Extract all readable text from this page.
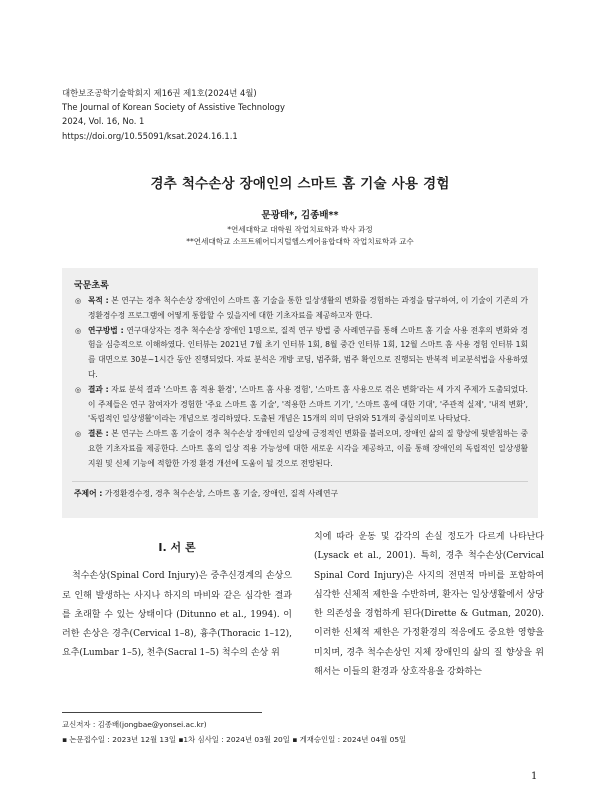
대한보조공학기술학회지 제16권 제1호(2024년 4월)
The Journal of Korean Society of Assistive Technology
2024, Vol. 16, No. 1
https://doi.org/10.55091/ksat.2024.16.1.1
경추 척수손상 장애인의 스마트 홈 기술 사용 경험
문광태*, 김종배**
*연세대학교 대학원 작업치료학과 박사 과정
**연세대학교 소프트웨어디지털헬스케어융합대학 작업치료학과 교수
국문초록
◎ 목적 : 본 연구는 경추 척수손상 장애인이 스마트 홈 기술을 통한 일상생활의 변화를 경험하는 과정을 탐구하여, 이 기술이 기존의 가정환경수정 프로그램에 어떻게 통합할 수 있을지에 대한 기초자료를 제공하고자 한다.
◎ 연구방법 : 연구대상자는 경추 척수손상 장애인 1명으로, 질적 연구 방법 중 사례연구를 통해 스마트 홈 기술 사용 전후의 변화와 경험을 심층적으로 이해하였다. 인터뷰는 2021년 7월 초기 인터뷰 1회, 8월 중간 인터뷰 1회, 12월 스마트 홈 사용 경험 인터뷰 1회를 대면으로 30분~1시간 동안 진행되었다. 자료 분석은 개방 코딩, 범주화, 범주 확인으로 진행되는 반복적 비교분석법을 사용하였다.
◎ 결과 : 자료 분석 결과 '스마트 홈 적용 환경', '스마트 홈 사용 경험', '스마트 홈 사용으로 겪은 변화'라는 세 가지 주제가 도출되었다. 이 주제들은 연구 참여자가 경험한 '주요 스마트 홈 기술', '적용한 스마트 기기', '스마트 홈에 대한 기대', '주관적 실제', '내적 변화', '독립적인 일상생활'이라는 개념으로 정리하였다. 도출된 개념은 15개의 의미 단위와 51개의 중심의미로 나타났다.
◎ 결론 : 본 연구는 스마트 홈 기술이 경추 척수손상 장애인의 일상에 긍정적인 변화를 불러오며, 장애인 삶의 질 향상에 뒷받침하는 중요한 기초자료를 제공한다. 스마트 홈의 일상 적용 가능성에 대한 새로운 시각을 제공하고, 이를 통해 장애인의 독립적인 일상생활 지원 및 신체 기능에 적합한 가정 환경 개선에 도움이 될 것으로 전망된다.
주제어 : 가정환경수정, 경추 척수손상, 스마트 홈 기술, 장애인, 질적 사례연구
Ⅰ. 서 론

척수손상(Spinal Cord Injury)은 중추신경계의 손상으로 인해 발생하는 사지나 하지의 마비와 같은 심각한 결과를 초래할 수 있는 상태이다 (Ditunno et al., 1994). 이러한 손상은 경추(Cervical 1–8), 흉추(Thoracic 1–12), 요추(Lumbar 1–5), 천추(Sacral 1–5) 척수의 손상 위

치에 따라 운동 및 감각의 손실 정도가 다르게 나타난다 (Lysack et al., 2001). 특히, 경추 척수손상(Cervical Spinal Cord Injury)은 사지의 전면적 마비를 포함하여 심각한 신체적 제한을 수반하며, 환자는 일상생활에서 상당한 의존성을 경험하게 된다(Dirette & Gutman, 2020). 이러한 신체적 제한은 가정환경의 적응에도 중요한 영향을 미치며, 경추 척수손상인 지체 장애인의 삶의 질 향상을 위해서는 이들의 환경과 상호작용을 강화하는

교신저자 : 김종배(jongbae@yonsei.ac.kr)
▪ 논문접수일 : 2023년 12월 13일 ▪1차 심사일 : 2024년 03월 20일 ▪ 게재승인일 : 2024년 04월 05일
1
